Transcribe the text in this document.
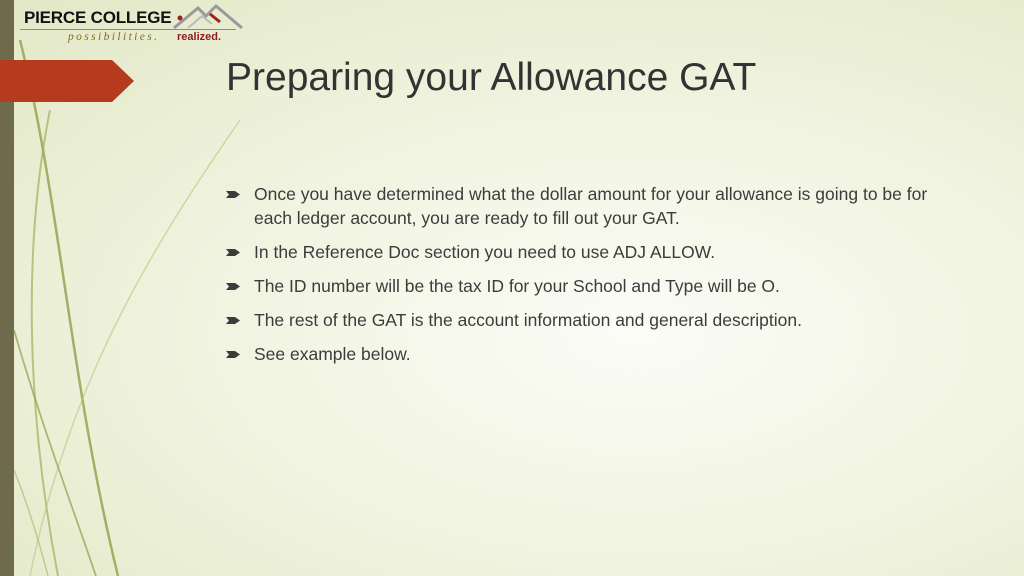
PIERCE COLLEGE
possibilities. realized.
Preparing your Allowance GAT
Once you have determined what the dollar amount for your allowance is going to be for each ledger account, you are ready to fill out your GAT.
In the Reference Doc section you need to use ADJ ALLOW.
The ID number will be the tax ID for your School and Type will be O.
The rest of the GAT is the account information and general description.
See example below.
